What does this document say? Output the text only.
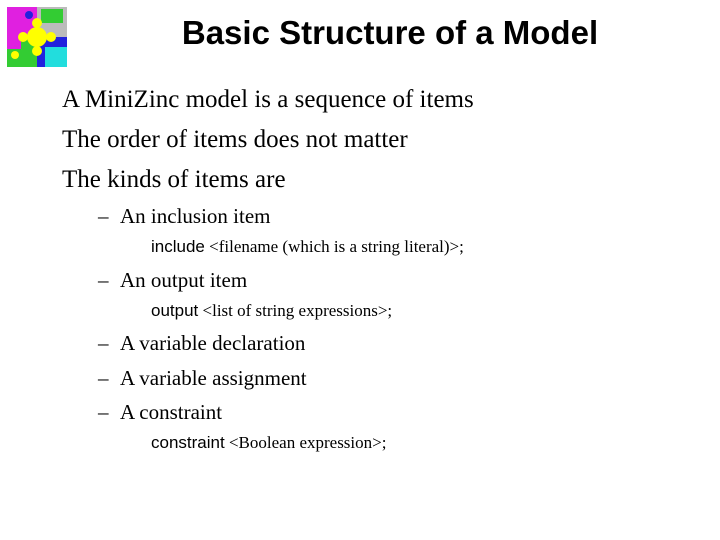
Basic Structure of a Model
A MiniZinc model is a sequence of items
The order of items does not matter
The kinds of items are
– An inclusion item
include <filename (which is a string literal)>;
– An output item
output <list of string expressions>;
– A variable declaration
– A variable assignment
– A constraint
constraint <Boolean expression>;
